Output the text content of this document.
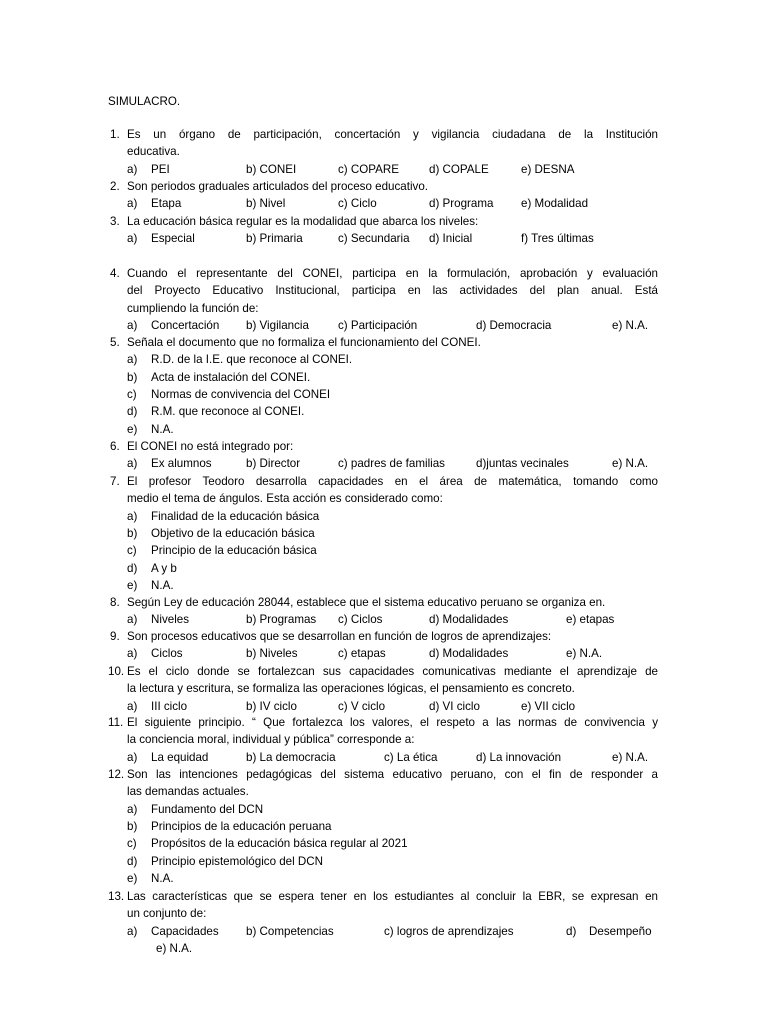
SIMULACRO.
1. Es un órgano de participación, concertación y vigilancia ciudadana de la Institución
educativa.
a) PEI	b) CONEI	c) COPARE	d) COPALE	e) DESNA
2. Son periodos graduales articulados del proceso educativo.
a) Etapa	b) Nivel	c) Ciclo	d) Programa e) Modalidad
3. La educación básica regular es la modalidad que abarca los niveles:
a) Especial	b) Primaria	c) Secundaria d) Inicial	f) Tres últimas
4. Cuando el representante del CONEI, participa en la formulación, aprobación y evaluación
del Proyecto Educativo Institucional, participa en las actividades del plan anual. Está
cumpliendo la función de:
a) Concertación b) Vigilancia	c) Participación	d) Democracia	e) N.A.
5. Señala el documento que no formaliza el funcionamiento del CONEI.
a) R.D. de la I.E. que reconoce al CONEI.
b) Acta de instalación del CONEI.
c) Normas de convivencia del CONEI
d) R.M. que reconoce al CONEI.
e) N.A.
6. El CONEI no está integrado por:
a) Ex alumnos	b) Director	c) padres de familias	d)juntas vecinales	e) N.A.
7. El profesor Teodoro desarrolla capacidades en el área de matemática, tomando como
medio el tema de ángulos. Esta acción es considerado como:
a) Finalidad de la educación básica
b) Objetivo de la educación básica
c) Principio de la educación básica
d) A y b
e) N.A.
8. Según Ley de educación 28044, establece que el sistema educativo peruano se organiza en.
a) Niveles	b) Programas c) Ciclos	d) Modalidades	e) etapas
9. Son procesos educativos que se desarrollan en función de logros de aprendizajes:
a) Ciclos	b) Niveles	c) etapas	d) Modalidades	e) N.A.
10. Es el ciclo donde se fortalezcan sus capacidades comunicativas mediante el aprendizaje de
la lectura y escritura, se formaliza las operaciones lógicas, el pensamiento es concreto.
a) III ciclo	b) IV ciclo	c) V ciclo	d) VI ciclo	e) VII ciclo
11. El siguiente principio. “ Que fortalezca los valores, el respeto a las normas de convivencia y
la conciencia moral, individual y pública” corresponde a:
a) La equidad	b) La democracia	c) La ética	d) La innovación	e) N.A.
12. Son las intenciones pedagógicas del sistema educativo peruano, con el fin de responder a
las demandas actuales.
a) Fundamento del DCN
b) Principios de la educación peruana
c) Propósitos de la educación básica regular al 2021
d) Principio epistemológico del DCN
e) N.A.
13. Las características que se espera tener en los estudiantes al concluir la EBR, se expresan en
un conjunto de:
a) Capacidades b) Competencias	c) logros de aprendizajes	d) Desempeño
e) N.A.
